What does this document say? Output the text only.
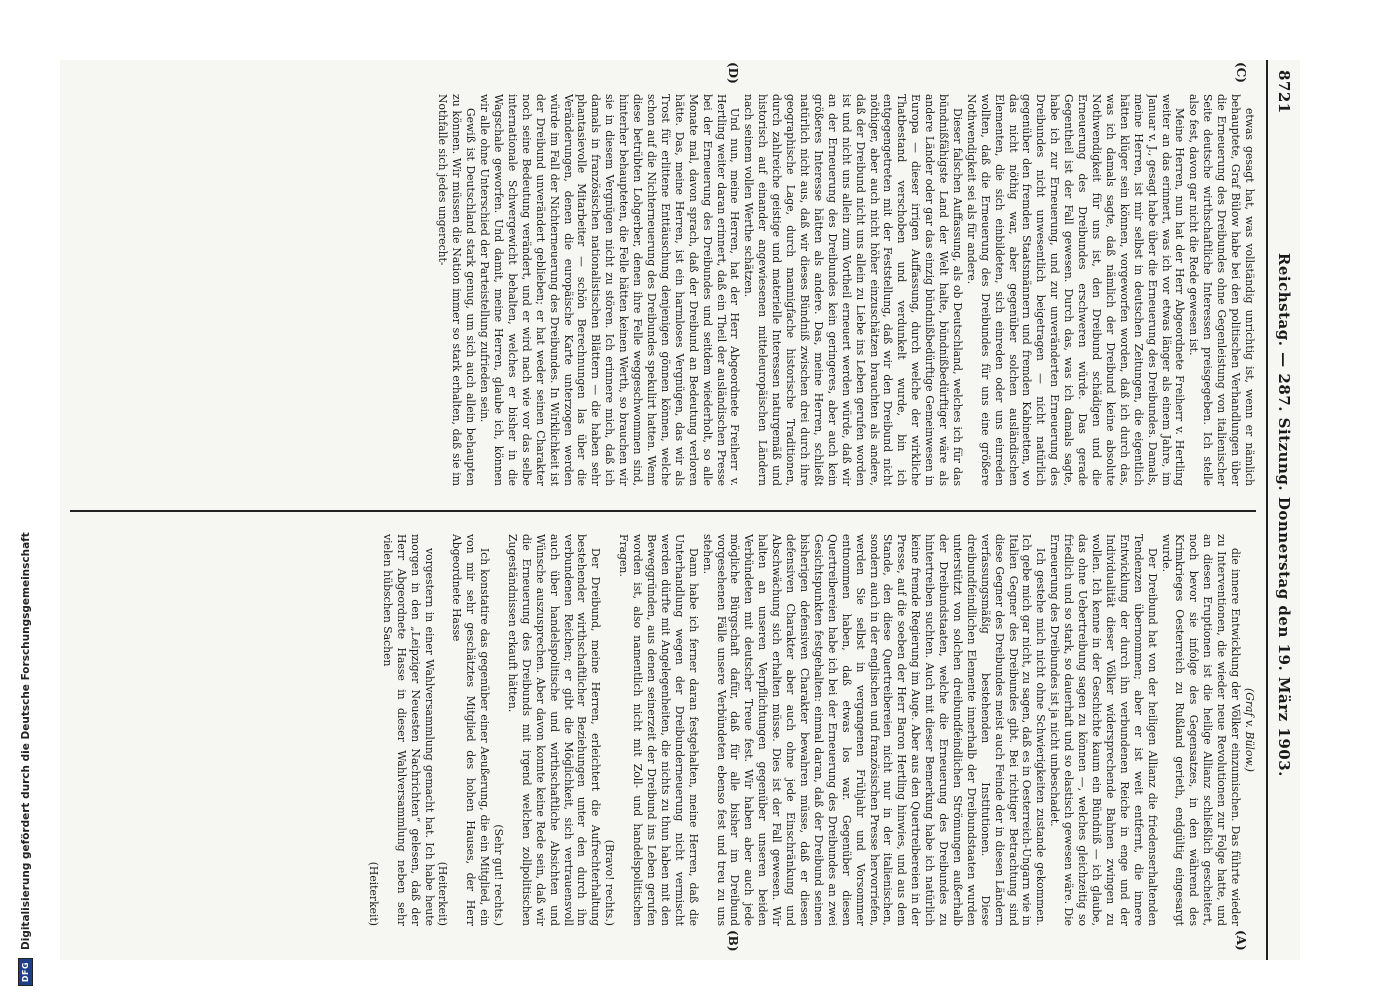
DFG
Digitalisierung gefördert durch die Deutsche Forschungsgemeinschaft
8721
Reichstag. — 287. Sitzung. Donnerstag den 19. März 1903.
(C)
(D)
(A)
(B)

etwas gesagt hat, was vollständig unrichtig ist, wenn er nämlich behauptete, Graf Bülow habe bei den politischen Verhandlungen über die Erneuerung des Dreibundes ohne Gegenleistung von italienischer Seite deutsche wirthschaftliche Interessen preisgegeben. Ich stelle also fest, davon gar nicht die Rede gewesen ist.

Meine Herren, nun hat der Herr Abgeordnete Freiherr v. Hertling weiter an das erinnert, was ich vor etwas länger als einem Jahre, im Januar v. J., gesagt habe über die Erneuerung des Dreibundes. Damals, meine Herren, ist mir selbst in deutschen Zeitungen, die eigentlich hätten klüger sein können, vorgeworfen worden, daß ich durch das, was ich damals sagte, daß nämlich der Dreibund keine absolute Nothwendigkeit für uns ist, den Dreibund schädigen und die Erneuerung des Dreibundes erschweren würde. Das gerade Gegentheil ist der Fall gewesen. Durch das, was ich damals sagte, habe ich zur Erneuerung, und zur unveränderten Erneuerung des Dreibundes nicht unwesentlich beigetragen — nicht natürlich gegenüber den fremden Staatsmännern und fremden Kabinetten, wo das nicht nöthig war, aber gegenüber solchen ausländischen Elementen, die sich einbildeten, sich einreden oder uns einreden wollten, daß die Erneuerung des Dreibundes für uns eine größere Nothwendigkeit sei als für andere.

Dieser falschen Auffassung, als ob Deutschland, welches ich für das bündnißfähigste Land der Welt halte, bündnißbedürftiger wäre als andere Länder oder gar das einzig bündnißbedürftige Gemeinwesen in Europa — dieser irrigen Auffassung, durch welche der wirkliche Thatbestand verschoben und verdunkelt wurde, bin ich entgegengetreten mit der Feststellung, daß wir den Dreibund nicht nöthiger, aber auch nicht höher einzuschätzen brauchten als andere, daß der Dreibund nicht uns allein zu Liebe ins Leben gerufen worden ist und nicht uns allein zum Vortheil erneuert werden würde, daß wir an der Erneuerung des Dreibundes kein geringeres, aber auch kein größeres Interesse hätten als andere. Das, meine Herren, schließt natürlich nicht aus, daß wir dieses Bündniß zwischen drei durch ihre geographische Lage, durch mannigfache historische Traditionen, durch zahlreiche geistige und materielle Interessen naturgemäß und historisch auf einander angewiesenen mitteleuropäischen Ländern nach seinem vollen Werthe schätzen.

Und nun, meine Herren, hat der Herr Abgeordnete Freiherr v. Hertling weiter daran erinnert, daß ein Theil der ausländischen Presse bei der Erneuerung des Dreibundes und seitdem wiederholt, so alle Monate mal, davon sprach, daß der Dreibund an Bedeutung verloren hätte. Das, meine Herren, ist ein harmloses Vergnügen, das wir als Trost für erlittene Enttäuschung denjenigen gönnen können, welche schon auf die Nichterneuerung des Dreibundes spekulirt hatten. Wenn diese betrübten Lohgerber, denen ihre Felle weggeschwommen sind, hinterher behaupteten, die Felle hätten keinen Werth, so brauchen wir sie in diesem Vergnügen nicht zu stören. Ich erinnere mich, daß ich damals in französischen nationalistischen Blättern — die haben sehr phantasievolle Mitarbeiter — schön Berechnungen las über die Veränderungen, denen die europäische Karte unterzogen werden würde im Fall der Nichterneuerung des Dreibundes. In Wirklichkeit ist der Dreibund unverändert geblieben; er hat weder seinen Charakter noch seine Bedeutung verändert, und er wird nach wie vor das selbe internationale Schwergewicht behalten, welches er bisher in die Wagschale geworfen. Und damit, meine Herren, glaube ich, können wir alle ohne Unterschied der Parteistellung zufrieden sein.

Gewiß ist Deutschland stark genug, um sich auch allein behaupten zu können. Wir müssen die Nation immer so stark erhalten, daß sie im Nothfalle sich jedes ungerecht-

(Graf v. Bülow.)

die innere Entwicklung der Völker einzumischen. Das führte wieder zu Interventionen, die wieder neue Revolutionen zur Folge hatte, und an diesen Eruptionen ist die heilige Allianz schließlich gescheitert, noch bevor sie infolge des Gegensatzes, in den während des Krimkrieges Oesterreich zu Rußland gerieth, endgültig eingesargt wurde.

Der Dreibund hat von der heiligen Allianz die friedenserhaltenden Tendenzen übernommen; aber er ist weit entfernt, die innere Entwicklung der durch ihn verbundenen Reiche in enge und der Individualität dieser Völker widersprechende Bahnen zwingen zu wollen. Ich kenne in der Geschichte kaum ein Bündniß — ich glaube, das ohne Uebertreibung sagen zu können —, welches gleichzeitig so friedlich und so stark, so dauerhaft und so elastisch gewesen wäre. Die Erneuerung des Dreibundes ist ja nicht unbeschadet.

Ich gestehe mich nicht ohne Schwierigkeiten zustande gekommen. Ich gebe mich gar nicht, zu sagen, daß es in Oesterreich-Ungarn wie in Italien Gegner des Dreibundes gibt. Bei richtiger Betrachtung sind diese Gegner des Dreibundes meist auch Feinde der in diesen Ländern verfassungsmäßig bestehenden Institutionen. Diese dreibundfeindlichen Elemente innerhalb der Dreibundstaaten wurden unterstützt von solchen dreibundfeindlichen Strömungen außerhalb der Dreibundstaaten, welche die Erneuerung des Dreibundes zu hintertreiben suchten. Auch mit dieser Bemerkung habe ich natürlich keine fremde Regierung im Auge. Aber aus den Quertreibereien in der Presse, auf die soeben der Herr Baron Hertling hinwies, und aus dem Stande, den diese Quertreibereien nicht nur in der italienischen, sondern auch in der englischen und französischen Presse hervorriefen, werden Sie selbst in vergangenen Frühjahr und Vorsommer entnommen haben, daß etwas los war. Gegenüber diesen Quertreibereien habe ich bei der Erneuerung des Dreibundes an zwei Gesichtspunkten festgehalten: einmal daran, daß der Dreibund seinen bisherigen defensiven Charakter bewahren müsse, daß er diesen defensiven Charakter aber auch ohne jede Einschränkung und Abschwächung sich erhalten müsse. Dies ist der Fall gewesen. Wir halten an unseren Verpflichtungen gegenüber unseren beiden Verbündeten mit deutscher Treue fest. Wir haben aber auch jede mögliche Bürgschaft dafür, daß für alle bisher im Dreibund vorgesehenen Fälle unsere Verbündeten ebenso fest und treu zu uns stehen.

Dann habe ich ferner daran festgehalten, meine Herren, daß die Unterhandlung wegen der Dreibunderneuerung nicht vermischt werden dürfte mit Angelegenheiten, die nichts zu thun haben mit den Beweggründen, aus denen seinerzeit der Dreibund ins Leben gerufen worden ist, also namentlich nicht mit Zoll- und handelspolitischen Fragen.

(Bravo! rechts.)

Der Dreibund, meine Herren, erleichtert die Aufrechterhaltung bestehender wirthschaftlicher Beziehungen unter den durch ihn verbundenen Reichen; er gibt die Möglichkeit, sich vertrauensvoll auch über handelspolitische und wirthschaftliche Absichten und Wünsche auszusprechen. Aber davon konnte keine Rede sein, daß wir die Erneuerung des Dreibunds mit irgend welchen zollpolitischen Zugeständnissen erkauft hätten.

(Sehr gut! rechts.)

Ich konstatire das gegenüber einer Aeußerung, die ein Mitglied, ein von mir sehr geschätztes Mitglied des hohen Hauses, der Herr Abgeordnete Hasse

(Heiterkeit)

vorgestern in einer Wahlversammlung gemacht hat. Ich habe heute morgen in den „Leipziger Neuesten Nachrichten“ gelesen, daß der Herr Abgeordnete Hasse in dieser Wahlversammlung neben sehr vielen hübschen Sachen

(Heiterkeit)
